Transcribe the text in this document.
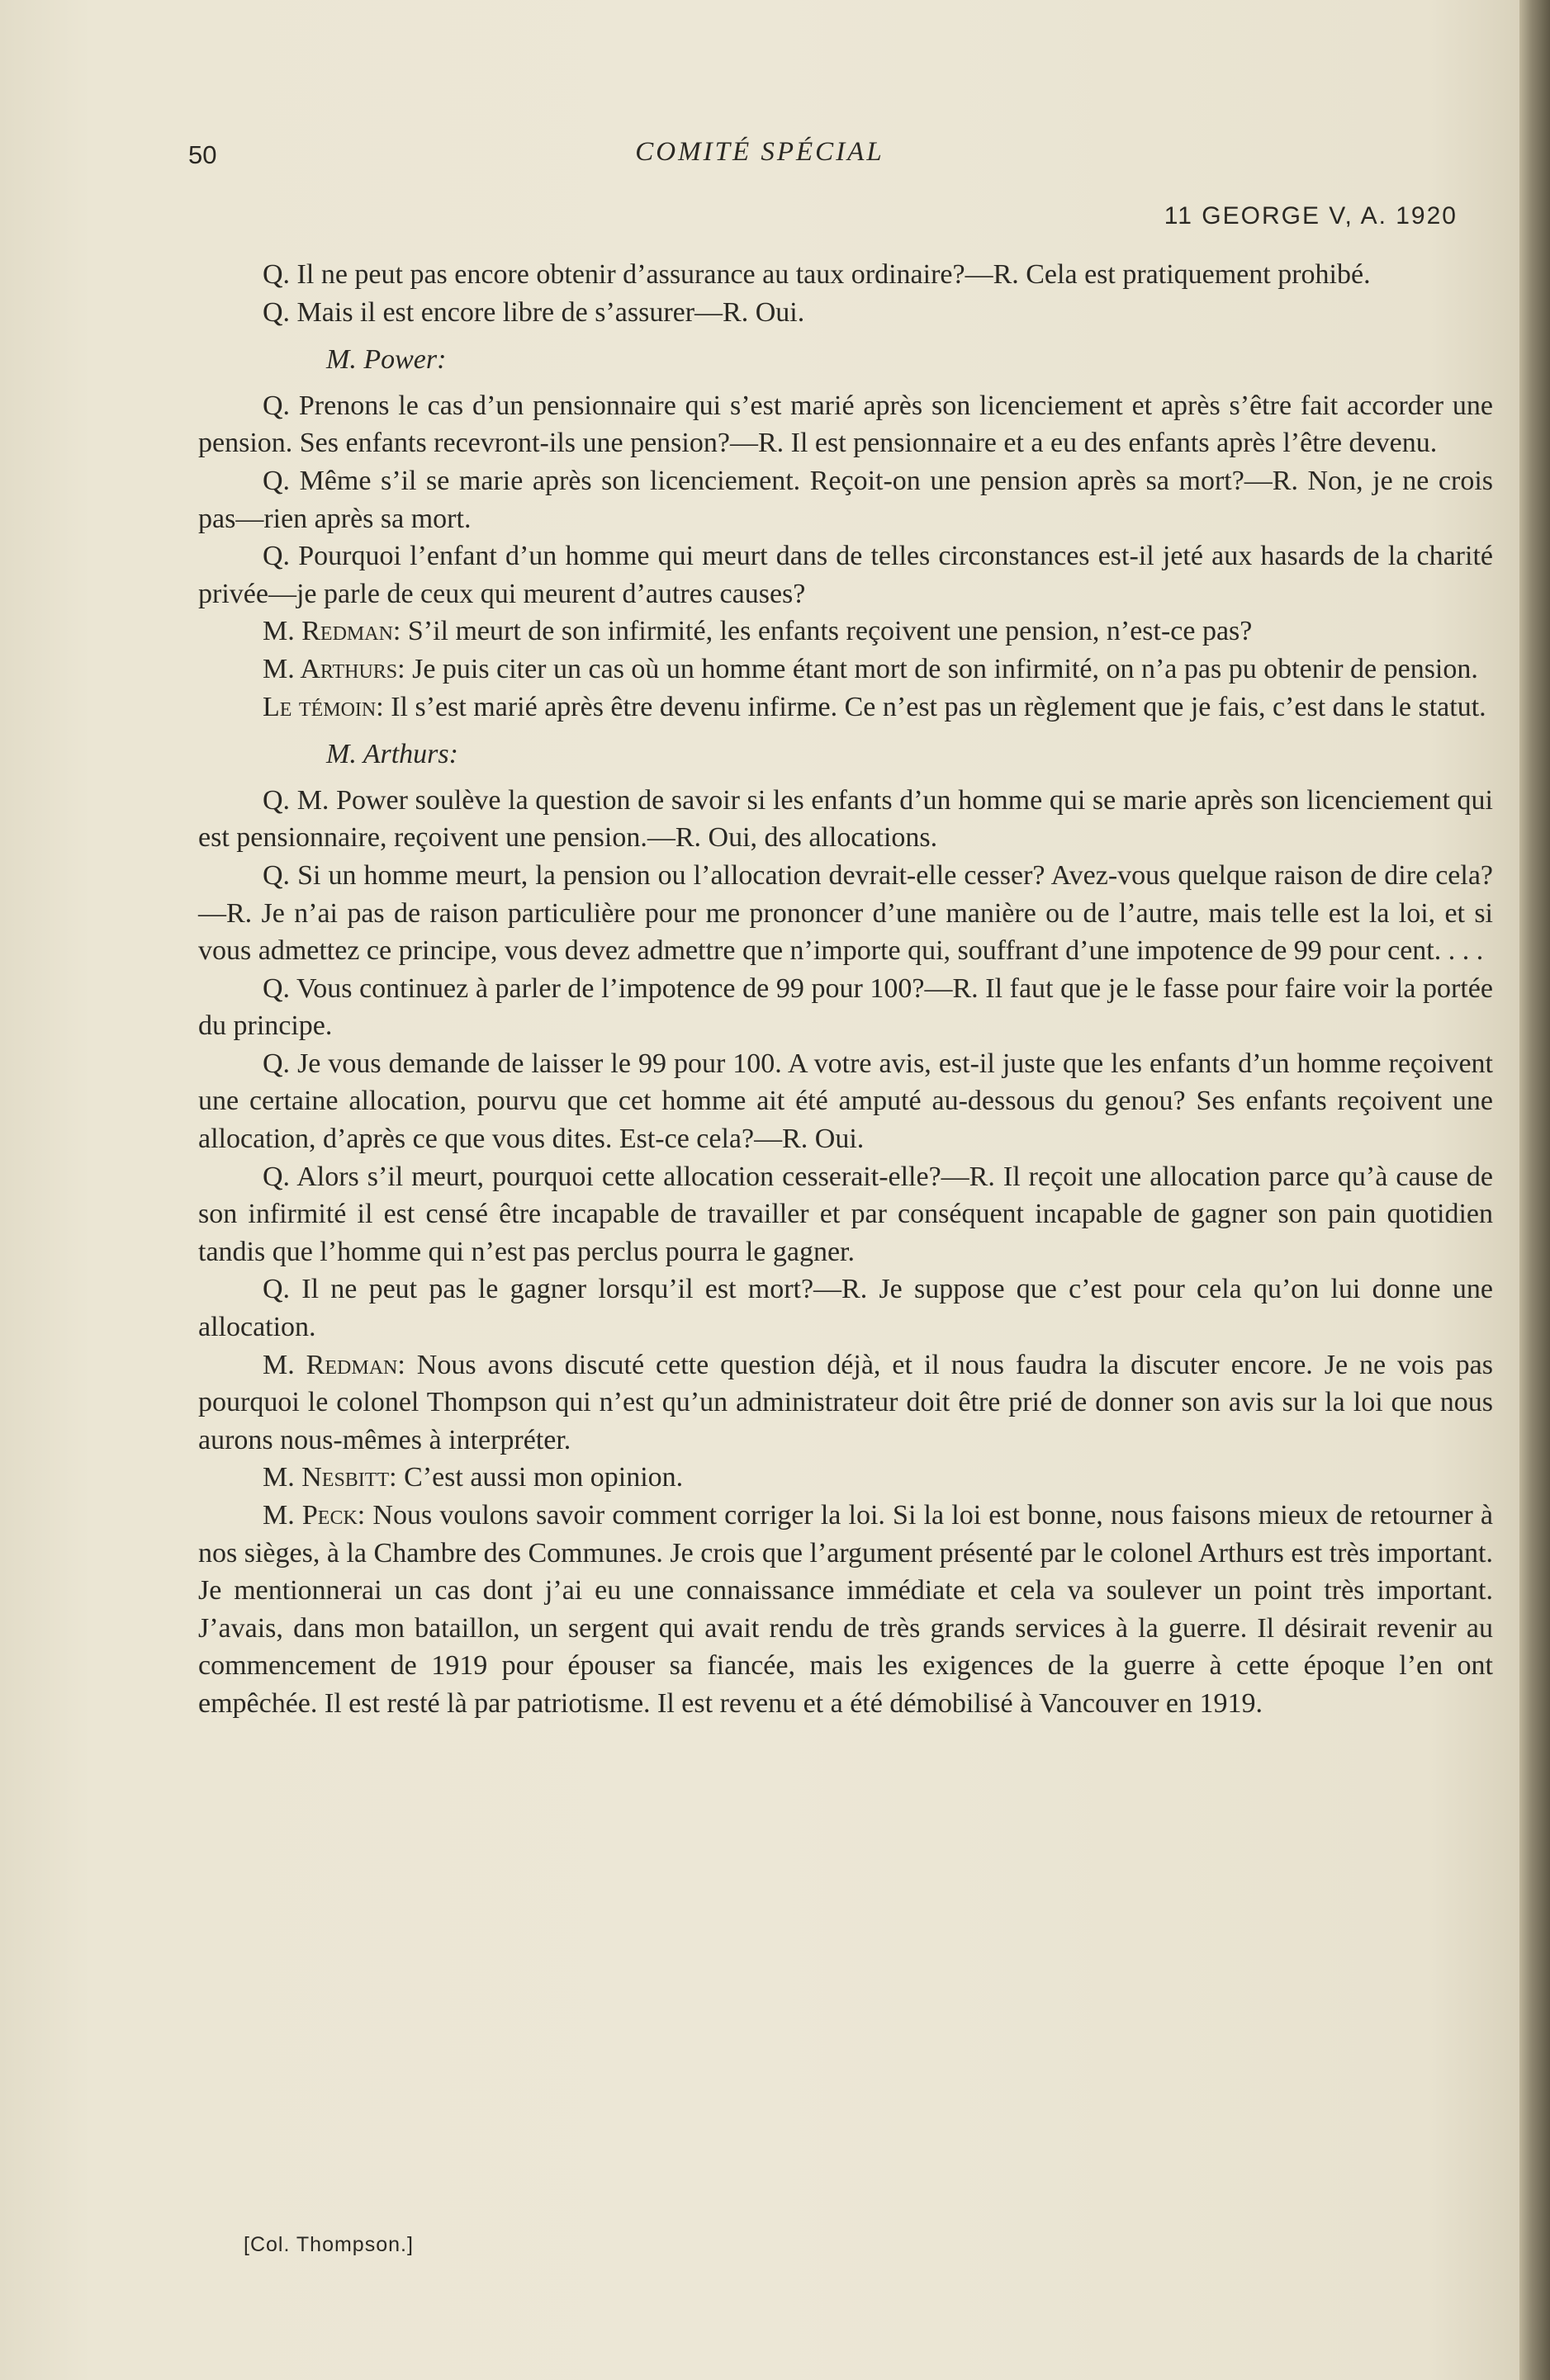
50	COMITÉ SPÉCIAL
11 GEORGE V, A. 1920

Q. Il ne peut pas encore obtenir d’assurance au taux ordinaire?—R. Cela est pratiquement prohibé.

Q. Mais il est encore libre de s’assurer—R. Oui.

M. Power:

Q. Prenons le cas d’un pensionnaire qui s’est marié après son licenciement et après s’être fait accorder une pension. Ses enfants recevront-ils une pension?—R. Il est pensionnaire et a eu des enfants après l’être devenu.

Q. Même s’il se marie après son licenciement. Reçoit-on une pension après sa mort?—R. Non, je ne crois pas—rien après sa mort.

Q. Pourquoi l’enfant d’un homme qui meurt dans de telles circonstances est-il jeté aux hasards de la charité privée—je parle de ceux qui meurent d’autres causes?

M. Redman: S’il meurt de son infirmité, les enfants reçoivent une pension, n’est-ce pas?

M. Arthurs: Je puis citer un cas où un homme étant mort de son infirmité, on n’a pas pu obtenir de pension.

Le témoin: Il s’est marié après être devenu infirme. Ce n’est pas un règlement que je fais, c’est dans le statut.

M. Arthurs:

Q. M. Power soulève la question de savoir si les enfants d’un homme qui se marie après son licenciement qui est pensionnaire, reçoivent une pension.—R. Oui, des allocations.

Q. Si un homme meurt, la pension ou l’allocation devrait-elle cesser? Avez-vous quelque raison de dire cela?—R. Je n’ai pas de raison particulière pour me prononcer d’une manière ou de l’autre, mais telle est la loi, et si vous admettez ce principe, vous devez admettre que n’importe qui, souffrant d’une impotence de 99 pour cent. . . .

Q. Vous continuez à parler de l’impotence de 99 pour 100?—R. Il faut que je le fasse pour faire voir la portée du principe.

Q. Je vous demande de laisser le 99 pour 100. A votre avis, est-il juste que les enfants d’un homme reçoivent une certaine allocation, pourvu que cet homme ait été amputé au-dessous du genou? Ses enfants reçoivent une allocation, d’après ce que vous dites. Est-ce cela?—R. Oui.

Q. Alors s’il meurt, pourquoi cette allocation cesserait-elle?—R. Il reçoit une allocation parce qu’à cause de son infirmité il est censé être incapable de travailler et par conséquent incapable de gagner son pain quotidien tandis que l’homme qui n’est pas perclus pourra le gagner.

Q. Il ne peut pas le gagner lorsqu’il est mort?—R. Je suppose que c’est pour cela qu’on lui donne une allocation.

M. Redman: Nous avons discuté cette question déjà, et il nous faudra la discuter encore. Je ne vois pas pourquoi le colonel Thompson qui n’est qu’un administrateur doit être prié de donner son avis sur la loi que nous aurons nous-mêmes à interpréter.

M. Nesbitt: C’est aussi mon opinion.

M. Peck: Nous voulons savoir comment corriger la loi. Si la loi est bonne, nous faisons mieux de retourner à nos sièges, à la Chambre des Communes. Je crois que l’argument présenté par le colonel Arthurs est très important. Je mentionnerai un cas dont j’ai eu une connaissance immédiate et cela va soulever un point très important. J’avais, dans mon bataillon, un sergent qui avait rendu de très grands services à la guerre. Il désirait revenir au commencement de 1919 pour épouser sa fiancée, mais les exigences de la guerre à cette époque l’en ont empêchée. Il est resté là par patriotisme. Il est revenu et a été démobilisé à Vancouver en 1919.

[Col. Thompson.]
